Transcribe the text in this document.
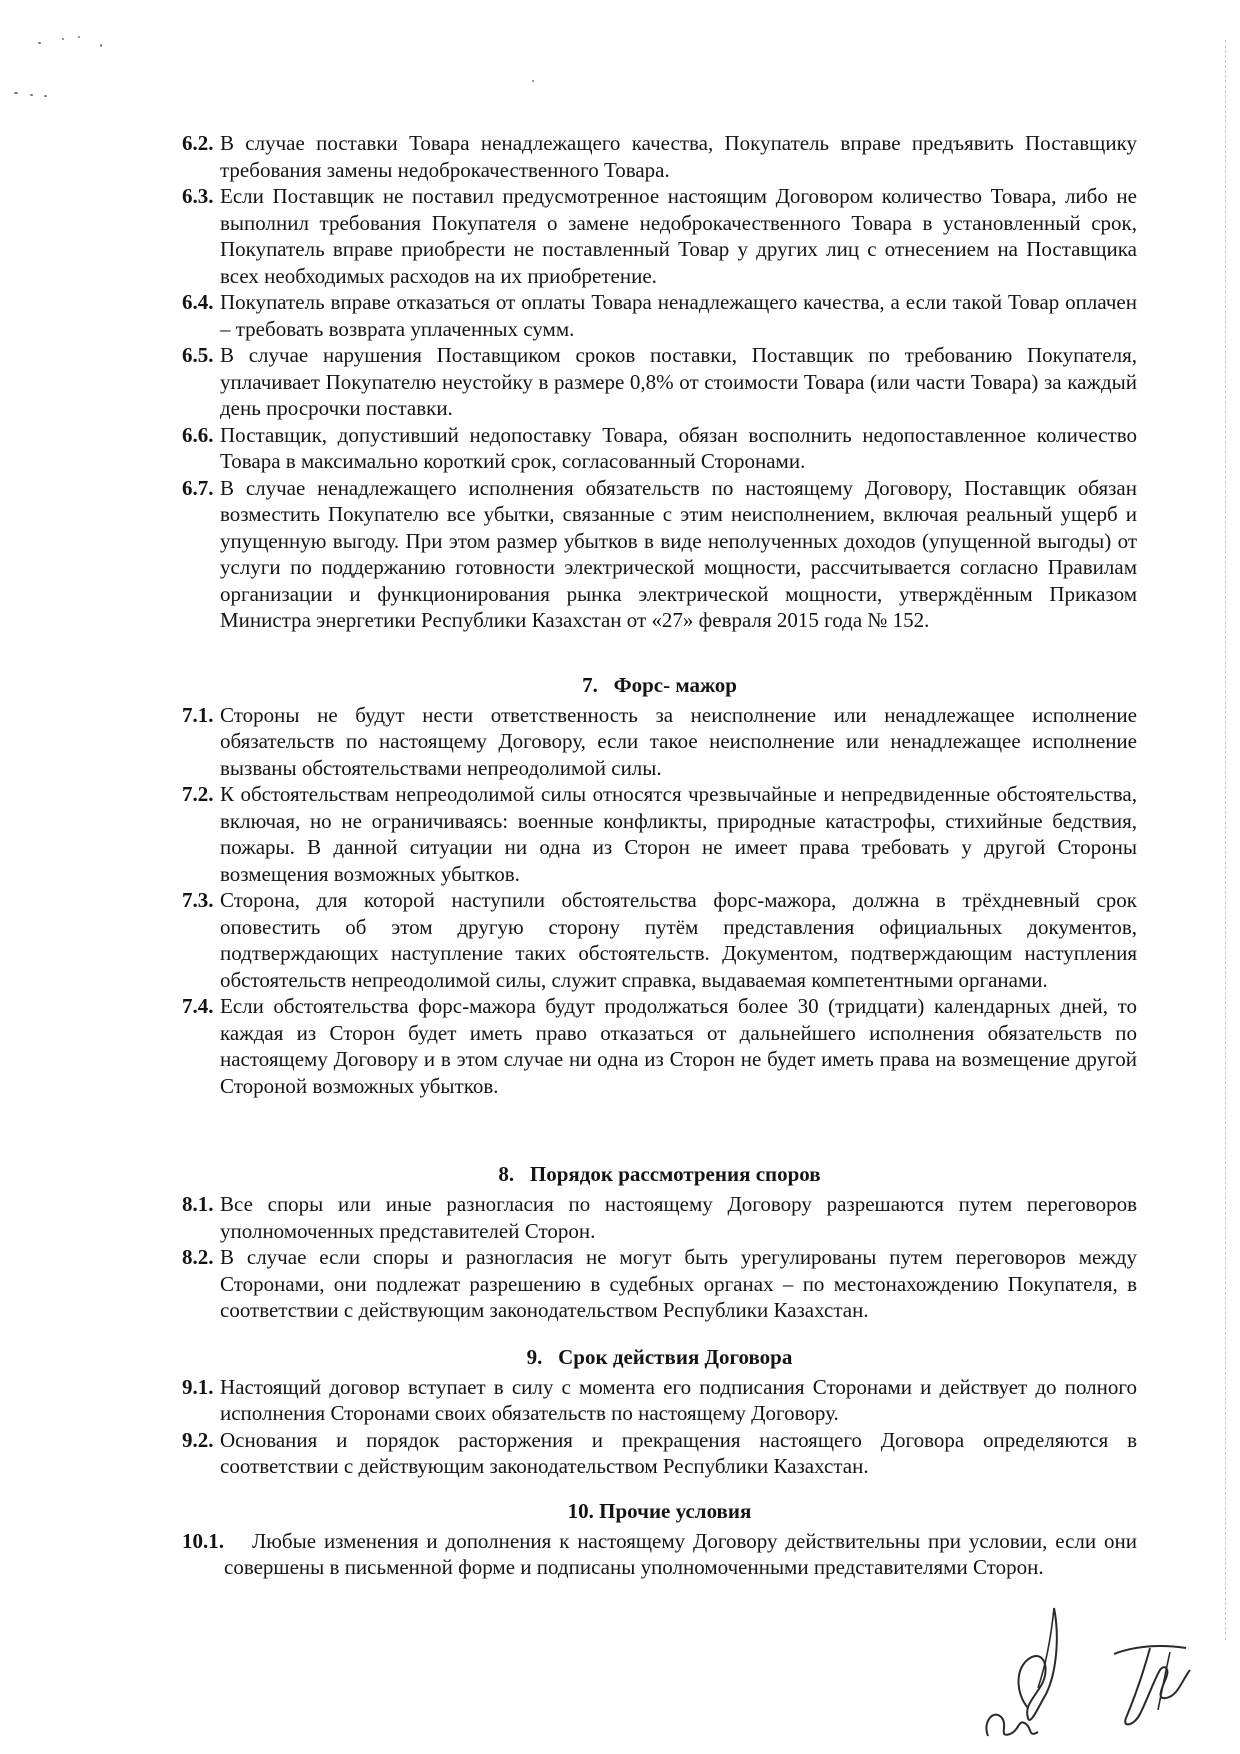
6.2. В случае поставки Товара ненадлежащего качества, Покупатель вправе предъявить Поставщику требования замены недоброкачественного Товара.
6.3. Если Поставщик не поставил предусмотренное настоящим Договором количество Товара, либо не выполнил требования Покупателя о замене недоброкачественного Товара в установленный срок, Покупатель вправе приобрести не поставленный Товар у других лиц с отнесением на Поставщика всех необходимых расходов на их приобретение.
6.4. Покупатель вправе отказаться от оплаты Товара ненадлежащего качества, а если такой Товар оплачен – требовать возврата уплаченных сумм.
6.5. В случае нарушения Поставщиком сроков поставки, Поставщик по требованию Покупателя, уплачивает Покупателю неустойку в размере 0,8% от стоимости Товара (или части Товара) за каждый день просрочки поставки.
6.6. Поставщик, допустивший недопоставку Товара, обязан восполнить недопоставленное количество Товара в максимально короткий срок, согласованный Сторонами.
6.7. В случае ненадлежащего исполнения обязательств по настоящему Договору, Поставщик обязан возместить Покупателю все убытки, связанные с этим неисполнением, включая реальный ущерб и упущенную выгоду. При этом размер убытков в виде неполученных доходов (упущенной выгоды) от услуги по поддержанию готовности электрической мощности, рассчитывается согласно Правилам организации и функционирования рынка электрической мощности, утверждённым Приказом Министра энергетики Республики Казахстан от «27» февраля 2015 года № 152.
7.   Форс- мажор
7.1. Стороны не будут нести ответственность за неисполнение или ненадлежащее исполнение обязательств по настоящему Договору, если такое неисполнение или ненадлежащее исполнение вызваны обстоятельствами непреодолимой силы.
7.2. К обстоятельствам непреодолимой силы относятся чрезвычайные и непредвиденные обстоятельства, включая, но не ограничиваясь: военные конфликты, природные катастрофы, стихийные бедствия, пожары. В данной ситуации ни одна из Сторон не имеет права требовать у другой Стороны возмещения возможных убытков.
7.3. Сторона, для которой наступили обстоятельства форс-мажора, должна в трёхдневный срок оповестить об этом другую сторону путём представления официальных документов, подтверждающих наступление таких обстоятельств. Документом, подтверждающим наступления обстоятельств непреодолимой силы, служит справка, выдаваемая компетентными органами.
7.4. Если обстоятельства форс-мажора будут продолжаться более 30 (тридцати) календарных дней, то каждая из Сторон будет иметь право отказаться от дальнейшего исполнения обязательств по настоящему Договору и в этом случае ни одна из Сторон не будет иметь права на возмещение другой Стороной возможных убытков.
8.   Порядок рассмотрения споров
8.1. Все споры или иные разногласия по настоящему Договору разрешаются путем переговоров уполномоченных представителей Сторон.
8.2. В случае если споры и разногласия не могут быть урегулированы путем переговоров между Сторонами, они подлежат разрешению в судебных органах – по местонахождению Покупателя, в соответствии с действующим законодательством Республики Казахстан.
9.   Срок действия Договора
9.1. Настоящий договор вступает в силу с момента его подписания Сторонами и действует до полного исполнения Сторонами своих обязательств по настоящему Договору.
9.2. Основания и порядок расторжения и прекращения настоящего Договора определяются в соответствии с действующим законодательством Республики Казахстан.
10. Прочие условия
10.1.	Любые изменения и дополнения к настоящему Договору действительны при условии, если они совершены в письменной форме и подписаны уполномоченными представителями Сторон.
